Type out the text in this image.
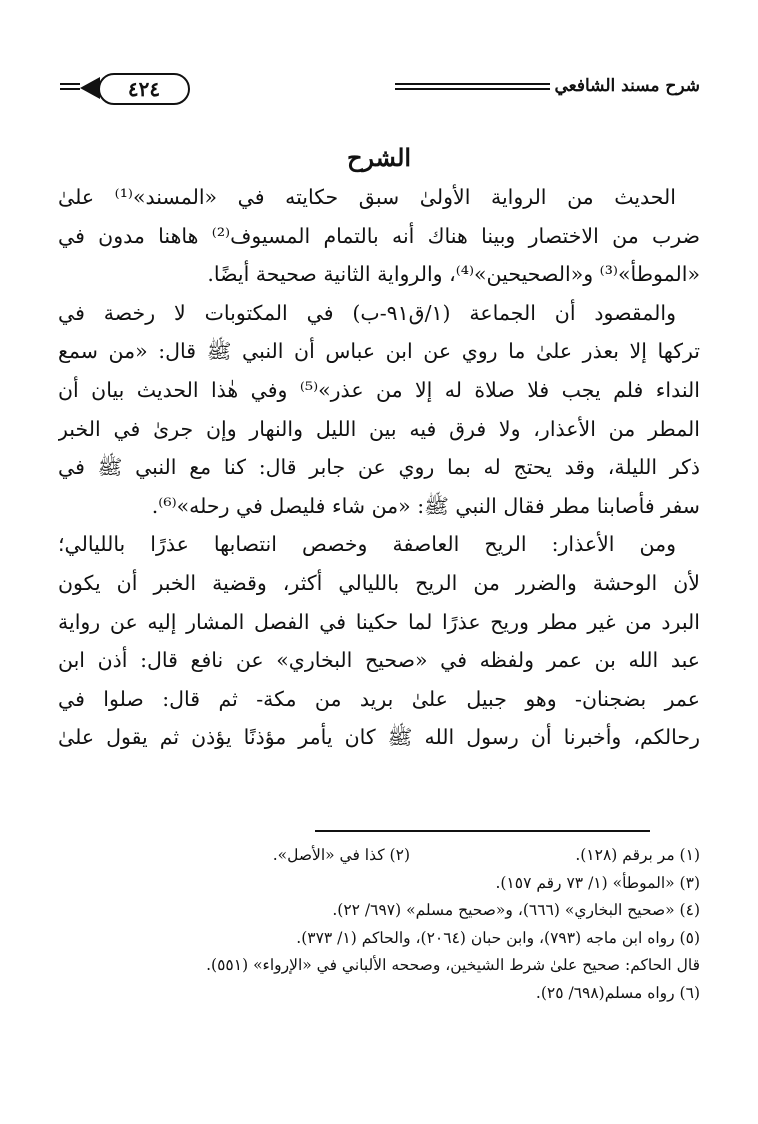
شرح مسند الشافعي
٤٢٤
الشرح
الحديث من الرواية الأولىٰ سبق حكايته في «المسند»⁽¹⁾ علىٰ
ضرب من الاختصار وبينا هناك أنه بالتمام المسيوف⁽²⁾ هاهنا مدون في
«الموطأ»⁽³⁾ و«الصحيحين»⁽⁴⁾، والرواية الثانية صحيحة أيضًا.
والمقصود أن الجماعة (١/ق٩١-ب) في المكتوبات لا رخصة في
تركها إلا بعذر علىٰ ما روي عن ابن عباس أن النبي ﷺ قال: «من سمع
النداء فلم يجب فلا صلاة له إلا من عذر»⁽⁵⁾ وفي هٰذا الحديث بيان أن
المطر من الأعذار، ولا فرق فيه بين الليل والنهار وإن جرىٰ في الخبر
ذكر الليلة، وقد يحتج له بما روي عن جابر قال: كنا مع النبي ﷺ في
سفر فأصابنا مطر فقال النبي ﷺ: «من شاء فليصل في رحله»⁽⁶⁾.
ومن الأعذار: الريح العاصفة وخصص انتصابها عذرًا بالليالي؛
لأن الوحشة والضرر من الريح بالليالي أكثر، وقضية الخبر أن يكون
البرد من غير مطر وريح عذرًا لما حكينا في الفصل المشار إليه عن رواية
عبد الله بن عمر ولفظه في «صحيح البخاري» عن نافع قال: أذن ابن
عمر بضجنان- وهو جبيل علىٰ بريد من مكة- ثم قال: صلوا في
رحالكم، وأخبرنا أن رسول الله ﷺ كان يأمر مؤذنًا يؤذن ثم يقول علىٰ
(١) مر برقم (١٢٨).
(٢) كذا في «الأصل».
(٣) «الموطأ» (١/ ٧٣ رقم ١٥٧).
(٤) «صحيح البخاري» (٦٦٦)، و«صحيح مسلم» (٦٩٧/ ٢٢).
(٥) رواه ابن ماجه (٧٩٣)، وابن حبان (٢٠٦٤)، والحاكم (١/ ٣٧٣).
قال الحاكم: صحيح علىٰ شرط الشيخين، وصححه الألباني في «الإرواء» (٥٥١).
(٦) رواه مسلم(٦٩٨/ ٢٥).
